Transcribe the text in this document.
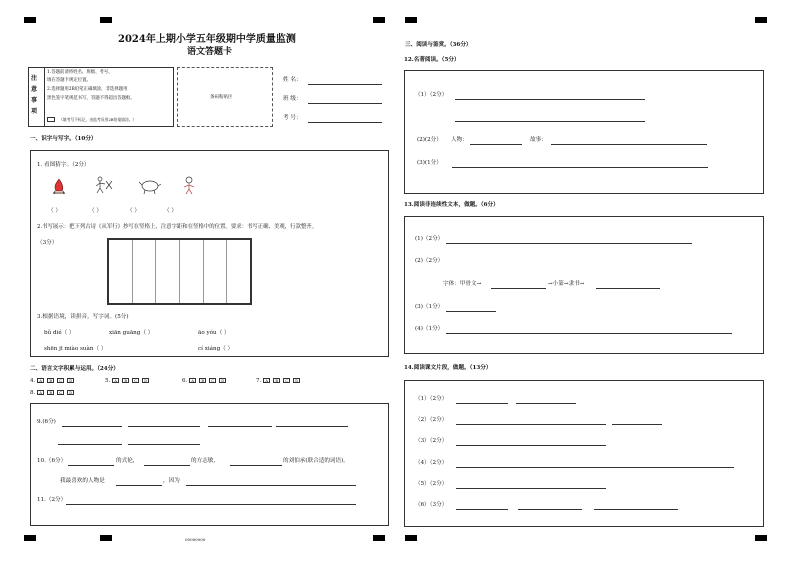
2024年上期小学五年级期中学质量监测
语文答题卡
注意事项
1.答题前请将姓名、班级、考号、
填在答题卡规定位置。
2.选择题用2B铅笔正确填涂，非选择题用
黑色签字笔规范书写，答题不得超出答题框。
（填考号不标记，由监考员用2B铅笔填涂。）
条码粘贴区
姓 名：
班 级：
考 号：
一、识字与写字。（10分）
1. 看图猜字。（2分）
（ ）	（ ）	（ ）	（ ）
2.书写展示：把下列古诗《从军行》抄写在竖格上，注意字距和在竖格中的位置。要求：书写正确、美观，行款整齐。
（3分）
3.根据语境，读拼音，写字词。(5分)
bǔ dié（ ）	xiān guāng（ ）	āo yóu（ ）
shēn jī miào suàn（ ）	cí xiáng（ ）
二、语言文字积累与运用。（24分）
4. A B C D	5. A B C D	6. A B C D	7. A B C D
8. A B C D
9.(6分)
10.（6分）	的式伦，	的方志敏，	的刘伯承(联合适的词语)。
我最喜欢的人物是	，因为
11.（2分）
00000000
三、阅读与鉴赏。（36分）
12.名著阅读。（5分）
（1）（2分）
(2)(2分） 人物：	故事：
(3)(1分）
13.阅读非连续性文本，做题。（6分）
(1)（2分）
(2)（2分）
字体：甲骨文→	→小篆→隶书→
(3)（1分）
(4)（1分）
14.阅读课文片段，做题。（13分）
（1）（2分）
（2）（2分）
（3）（2分）
（4）（2分）
（5）（2分）
（6）（3分）
